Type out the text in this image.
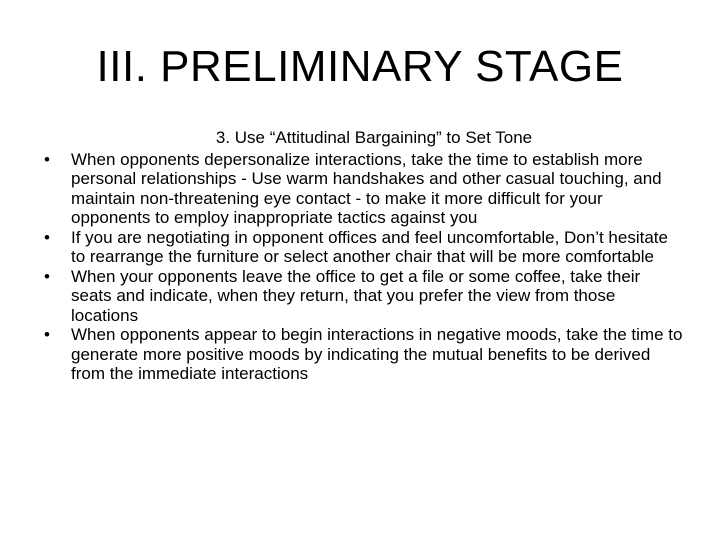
III. PRELIMINARY STAGE
3. Use “Attitudinal Bargaining” to Set Tone
•	When opponents depersonalize interactions, take the time to establish more personal relationships - Use warm handshakes and other casual touching, and maintain non-threatening eye contact - to make it more difficult for your opponents to employ inappropriate tactics against you
•	If you are negotiating in opponent offices and feel uncomfortable, Don’t hesitate to rearrange the furniture or select another chair that will be more comfortable
•	When your opponents leave the office to get a file or some coffee, take their seats and indicate, when they return, that you prefer the view from those locations
•	When opponents appear to begin interactions in negative moods, take the time to generate more positive moods by indicating the mutual benefits to be derived from the immediate interactions
